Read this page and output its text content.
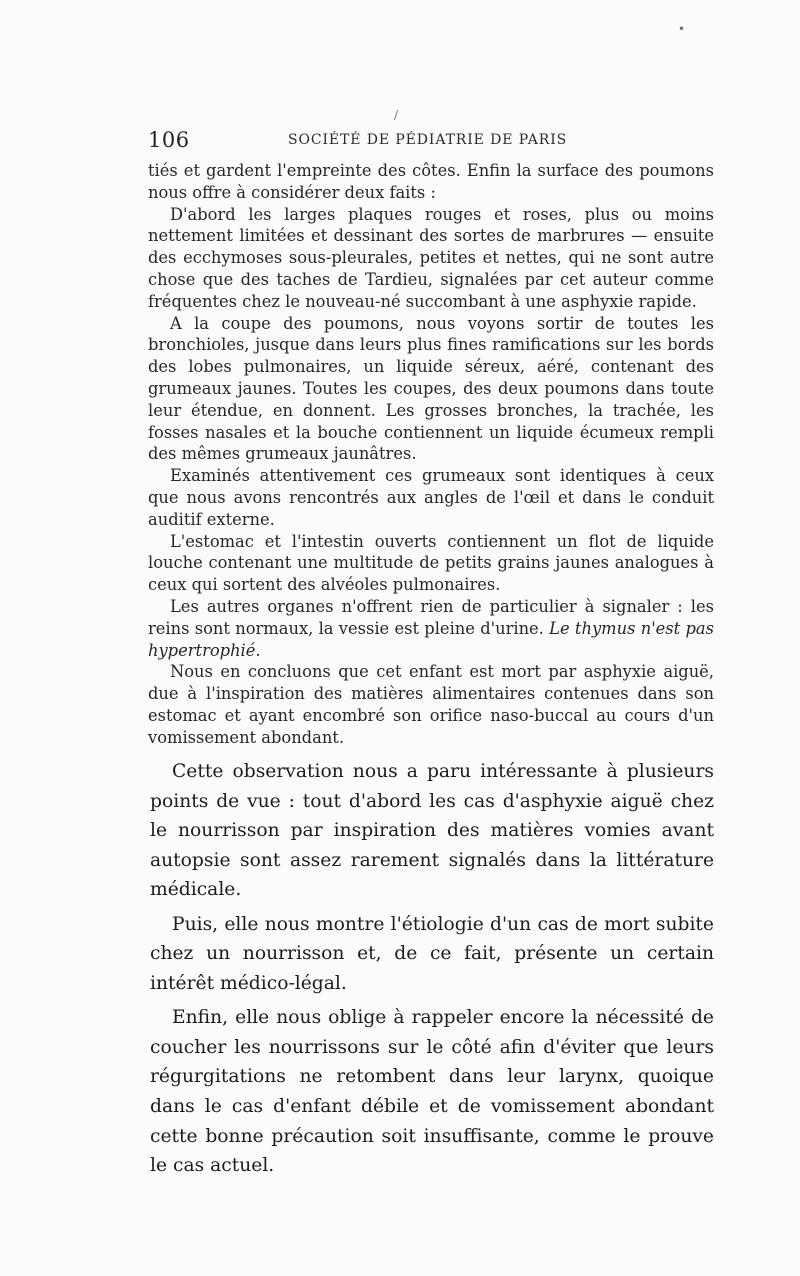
•
/
106	SOCIÉTÉ DE PÉDIATRIE DE PARIS

tiés et gardent l'empreinte des côtes. Enfin la surface des poumons nous offre à considérer deux faits :

D'abord les larges plaques rouges et roses, plus ou moins nettement limitées et dessinant des sortes de marbrures — ensuite des ecchymoses sous-pleurales, petites et nettes, qui ne sont autre chose que des taches de Tardieu, signalées par cet auteur comme fréquentes chez le nouveau-né succombant à une asphyxie rapide.

A la coupe des poumons, nous voyons sortir de toutes les bronchioles, jusque dans leurs plus fines ramifications sur les bords des lobes pulmonaires, un liquide séreux, aéré, contenant des grumeaux jaunes. Toutes les coupes, des deux poumons dans toute leur étendue, en donnent. Les grosses bronches, la trachée, les fosses nasales et la bouche contiennent un liquide écumeux rempli des mêmes grumeaux jaunâtres.

Examinés attentivement ces grumeaux sont identiques à ceux que nous avons rencontrés aux angles de l'œil et dans le conduit auditif externe.

L'estomac et l'intestin ouverts contiennent un flot de liquide louche contenant une multitude de petits grains jaunes analogues à ceux qui sortent des alvéoles pulmonaires.

Les autres organes n'offrent rien de particulier à signaler : les reins sont normaux, la vessie est pleine d'urine. Le thymus n'est pas hypertrophié.

Nous en concluons que cet enfant est mort par asphyxie aiguë, due à l'inspiration des matières alimentaires contenues dans son estomac et ayant encombré son orifice naso-buccal au cours d'un vomissement abondant.

Cette observation nous a paru intéressante à plusieurs points de vue : tout d'abord les cas d'asphyxie aiguë chez le nourrisson par inspiration des matières vomies avant autopsie sont assez rarement signalés dans la littérature médicale.

Puis, elle nous montre l'étiologie d'un cas de mort subite chez un nourrisson et, de ce fait, présente un certain intérêt médico-légal.

Enfin, elle nous oblige à rappeler encore la nécessité de coucher les nourrissons sur le côté afin d'éviter que leurs régurgitations ne retombent dans leur larynx, quoique dans le cas d'enfant débile et de vomissement abondant cette bonne précaution soit insuffisante, comme le prouve le cas actuel.
